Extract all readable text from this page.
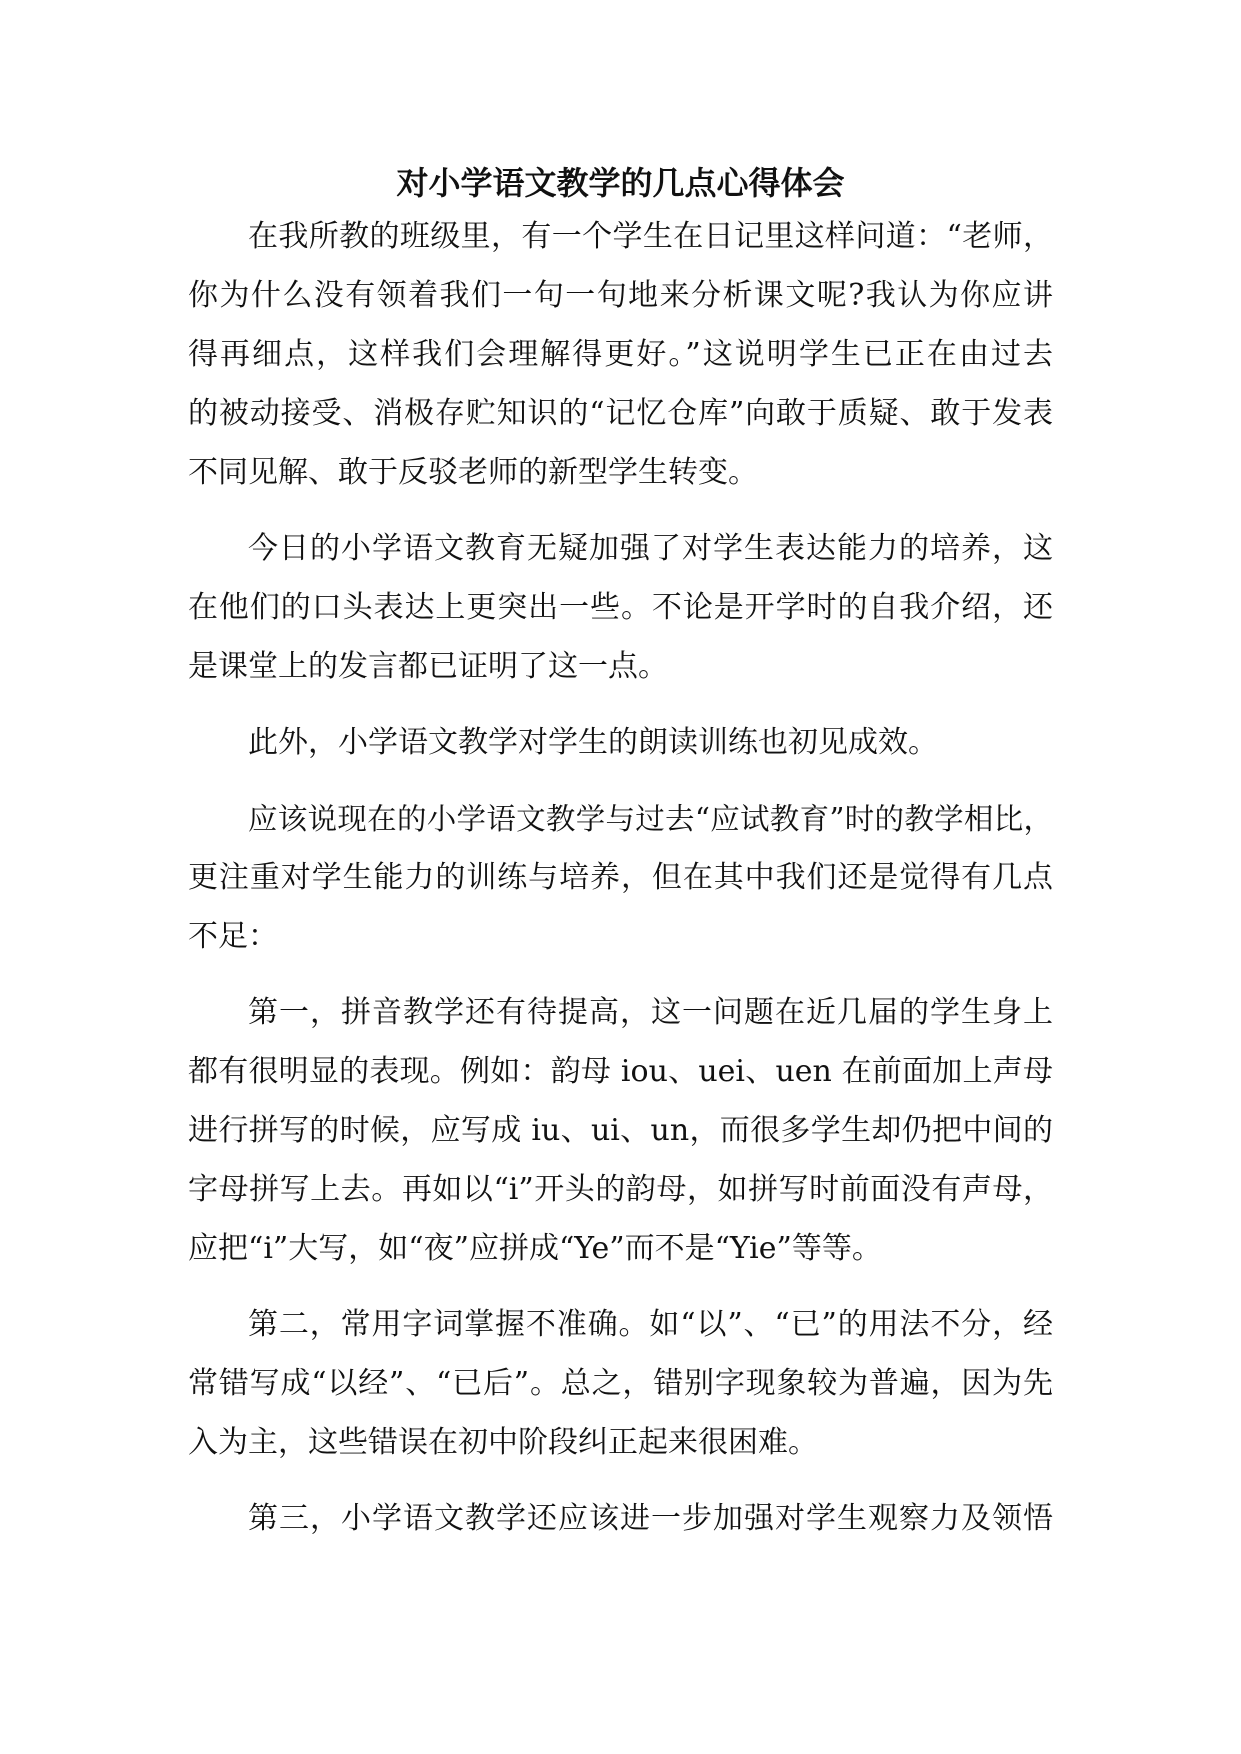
对小学语文教学的几点心得体会
在我所教的班级里，有一个学生在日记里这样问道：“老师，
你为什么没有领着我们一句一句地来分析课文呢?我认为你应讲
得再细点，这样我们会理解得更好。”这说明学生已正在由过去
的被动接受、消极存贮知识的“记忆仓库”向敢于质疑、敢于发表
不同见解、敢于反驳老师的新型学生转变。
今日的小学语文教育无疑加强了对学生表达能力的培养，这
在他们的口头表达上更突出一些。不论是开学时的自我介绍，还
是课堂上的发言都已证明了这一点。
此外，小学语文教学对学生的朗读训练也初见成效。
应该说现在的小学语文教学与过去“应试教育”时的教学相比，
更注重对学生能力的训练与培养，但在其中我们还是觉得有几点
不足：
第一，拼音教学还有待提高，这一问题在近几届的学生身上
都有很明显的表现。例如：韵母 iou、uei、uen 在前面加上声母
进行拼写的时候，应写成 iu、ui、un，而很多学生却仍把中间的
字母拼写上去。再如以“i”开头的韵母，如拼写时前面没有声母，
应把“i”大写，如“夜”应拼成“Ye”而不是“Yie”等等。
第二，常用字词掌握不准确。如“以”、“已”的用法不分，经
常错写成“以经”、“已后”。总之，错别字现象较为普遍，因为先
入为主，这些错误在初中阶段纠正起来很困难。
第三，小学语文教学还应该进一步加强对学生观察力及领悟
